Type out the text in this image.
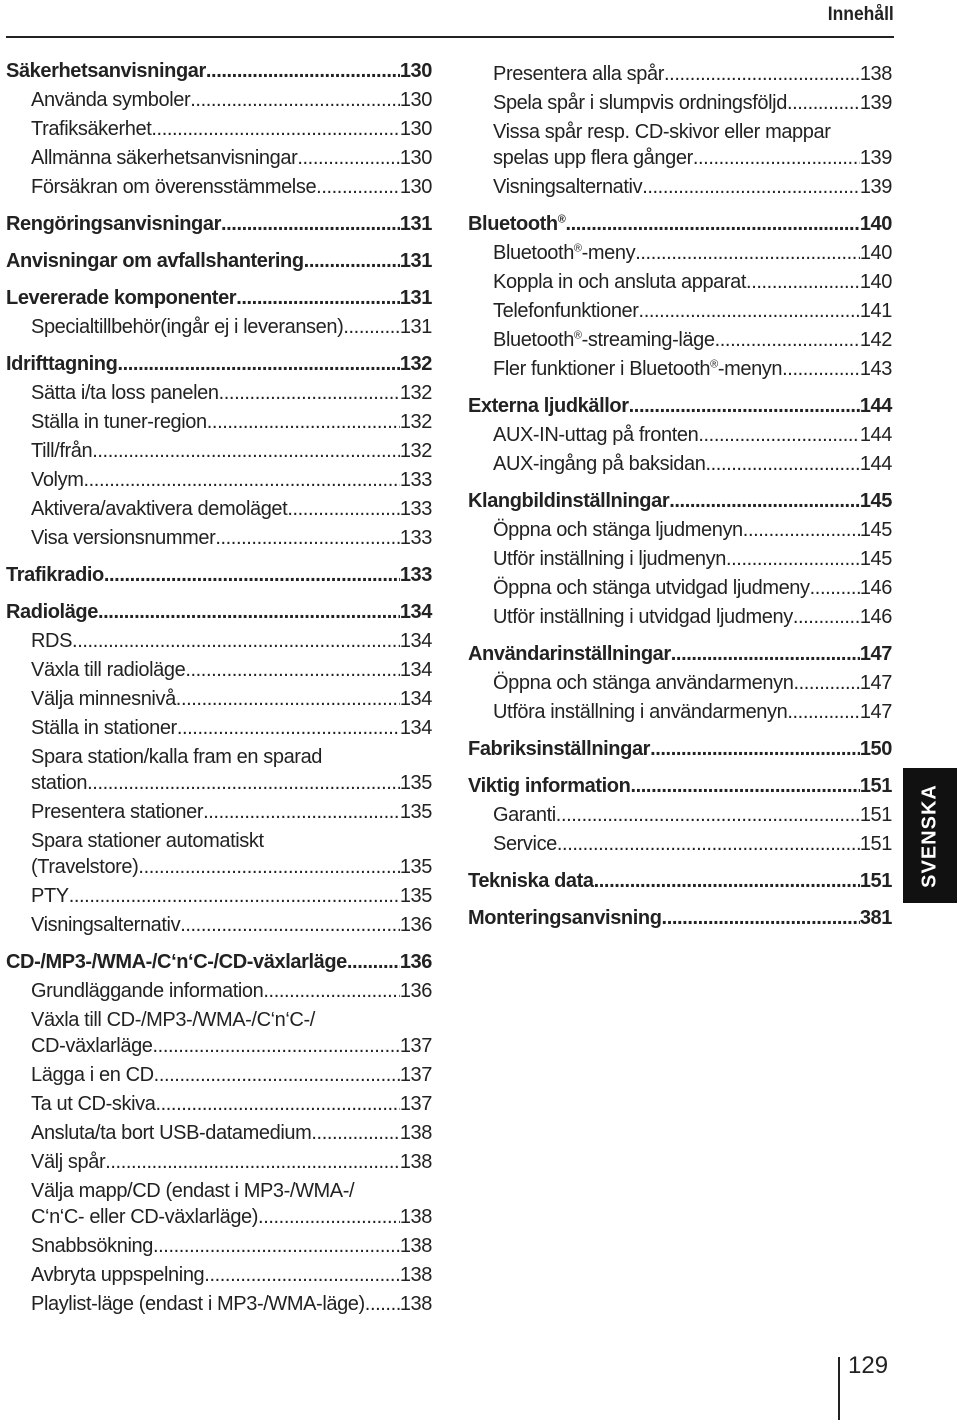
Innehåll
Säkerhetsanvisningar .....	130
Använda symboler .....	130
Trafiksäkerhet .....	130
Allmänna säkerhetsanvisningar .....	130
Försäkran om överensstämmelse .....	130
Rengöringsanvisningar .....	131
Anvisningar om avfallshantering .....	131
Levererade komponenter .....	131
Specialtillbehör(ingår ej i leveransen) .....	131
Idrifttagning .....	132
Sätta i/ta loss panelen .....	132
Ställa in tuner-region .....	132
Till/från .....	132
Volym .....	133
Aktivera/avaktivera demoläget .....	133
Visa versionsnummer .....	133
Trafikradio .....	133
Radioläge .....	134
RDS .....	134
Växla till radioläge .....	134
Välja minnesnivå .....	134
Ställa in stationer .....	134
Spara station/kalla fram en sparad
station .....	135
Presentera stationer .....	135
Spara stationer automatiskt
(Travelstore) .....	135
PTY .....	135
Visningsalternativ .....	136
CD-/MP3-/WMA-/C‘n‘C-/CD-växlarläge .....	136
Grundläggande information .....	136
Växla till CD-/MP3-/WMA-/C‘n‘C-/
CD-växlarläge .....	137
Lägga i en CD .....	137
Ta ut CD-skiva .....	137
Ansluta/ta bort USB-datamedium .....	138
Välj spår .....	138
Välja mapp/CD (endast i MP3-/WMA-/
C‘n‘C- eller CD-växlarläge) .....	138
Snabbsökning .....	138
Avbryta uppspelning .....	138
Playlist-läge (endast i MP3-/WMA-läge) ..... 138
Presentera alla spår .....	138
Spela spår i slumpvis ordningsföljd .....	139
Vissa spår resp. CD-skivor eller mappar
spelas upp flera gånger .....	139
Visningsalternativ .....	139
Bluetooth® .....	140
Bluetooth®-meny .....	140
Koppla in och ansluta apparat .....	140
Telefonfunktioner .....	141
Bluetooth®-streaming-läge .....	142
Fler funktioner i Bluetooth®-menyn .....	143
Externa ljudkällor .....	144
AUX-IN-uttag på fronten .....	144
AUX-ingång på baksidan .....	144
Klangbildinställningar .....	145
Öppna och stänga ljudmenyn .....	145
Utför inställning i ljudmenyn .....	145
Öppna och stänga utvidgad ljudmeny .....	146
Utför inställning i utvidgad ljudmeny .....	146
Användarinställningar .....	147
Öppna och stänga användarmenyn .....	147
Utföra inställning i användarmenyn .....	147
Fabriksinställningar .....	150
Viktig information .....	151
Garanti .....	151
Service .....	151
Tekniska data .....	151
Monteringsanvisning .....	381
SVENSKA
129
